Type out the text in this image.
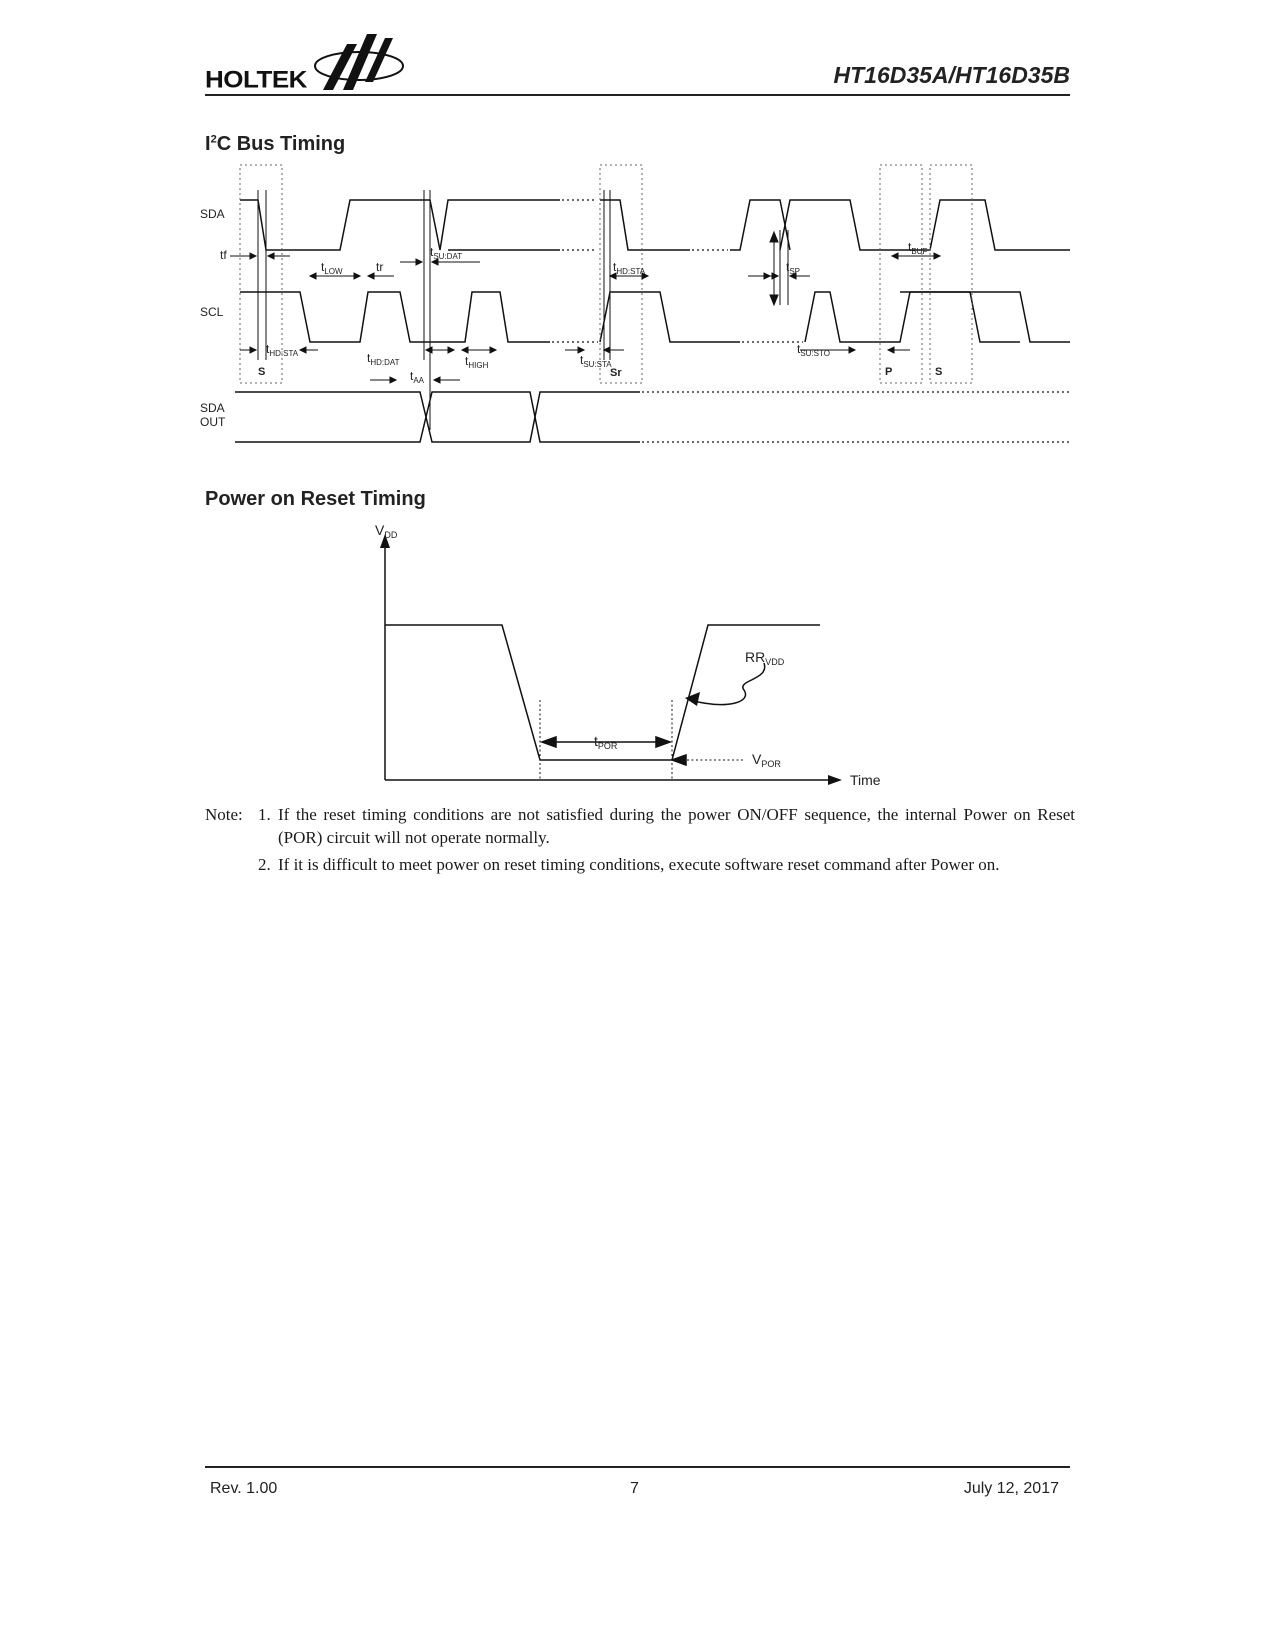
HOLTEK	HT16D35A/HT16D35B
$I^2C$ Bus Timing
SDA
SCL
SDA
OUT
tf
tr
$t_{LOW}$
$t_{SU:DAT}$
$t_{HD:STA}$	$t_{SP}$
$t_{BUF}$
$t_{HD:STA}$	$t_{HD:DAT}$	$t_{HIGH}$
$t_{AA}$
$t_{SU:STA}$
$t_{SU:STO}$
S	Sr	P	S
Power on Reset Timing
$V_{DD}$
$RR_{VDD}$
$t_{POR}$
$V_{POR}$
Time
Note: 1. If the reset timing conditions are not satisfied during the power ON/OFF sequence, the internal Power on Reset (POR) circuit will not operate normally.
2. If it is difficult to meet power on reset timing conditions, execute software reset command after Power on.
Rev. 1.00	7	July 12, 2017
